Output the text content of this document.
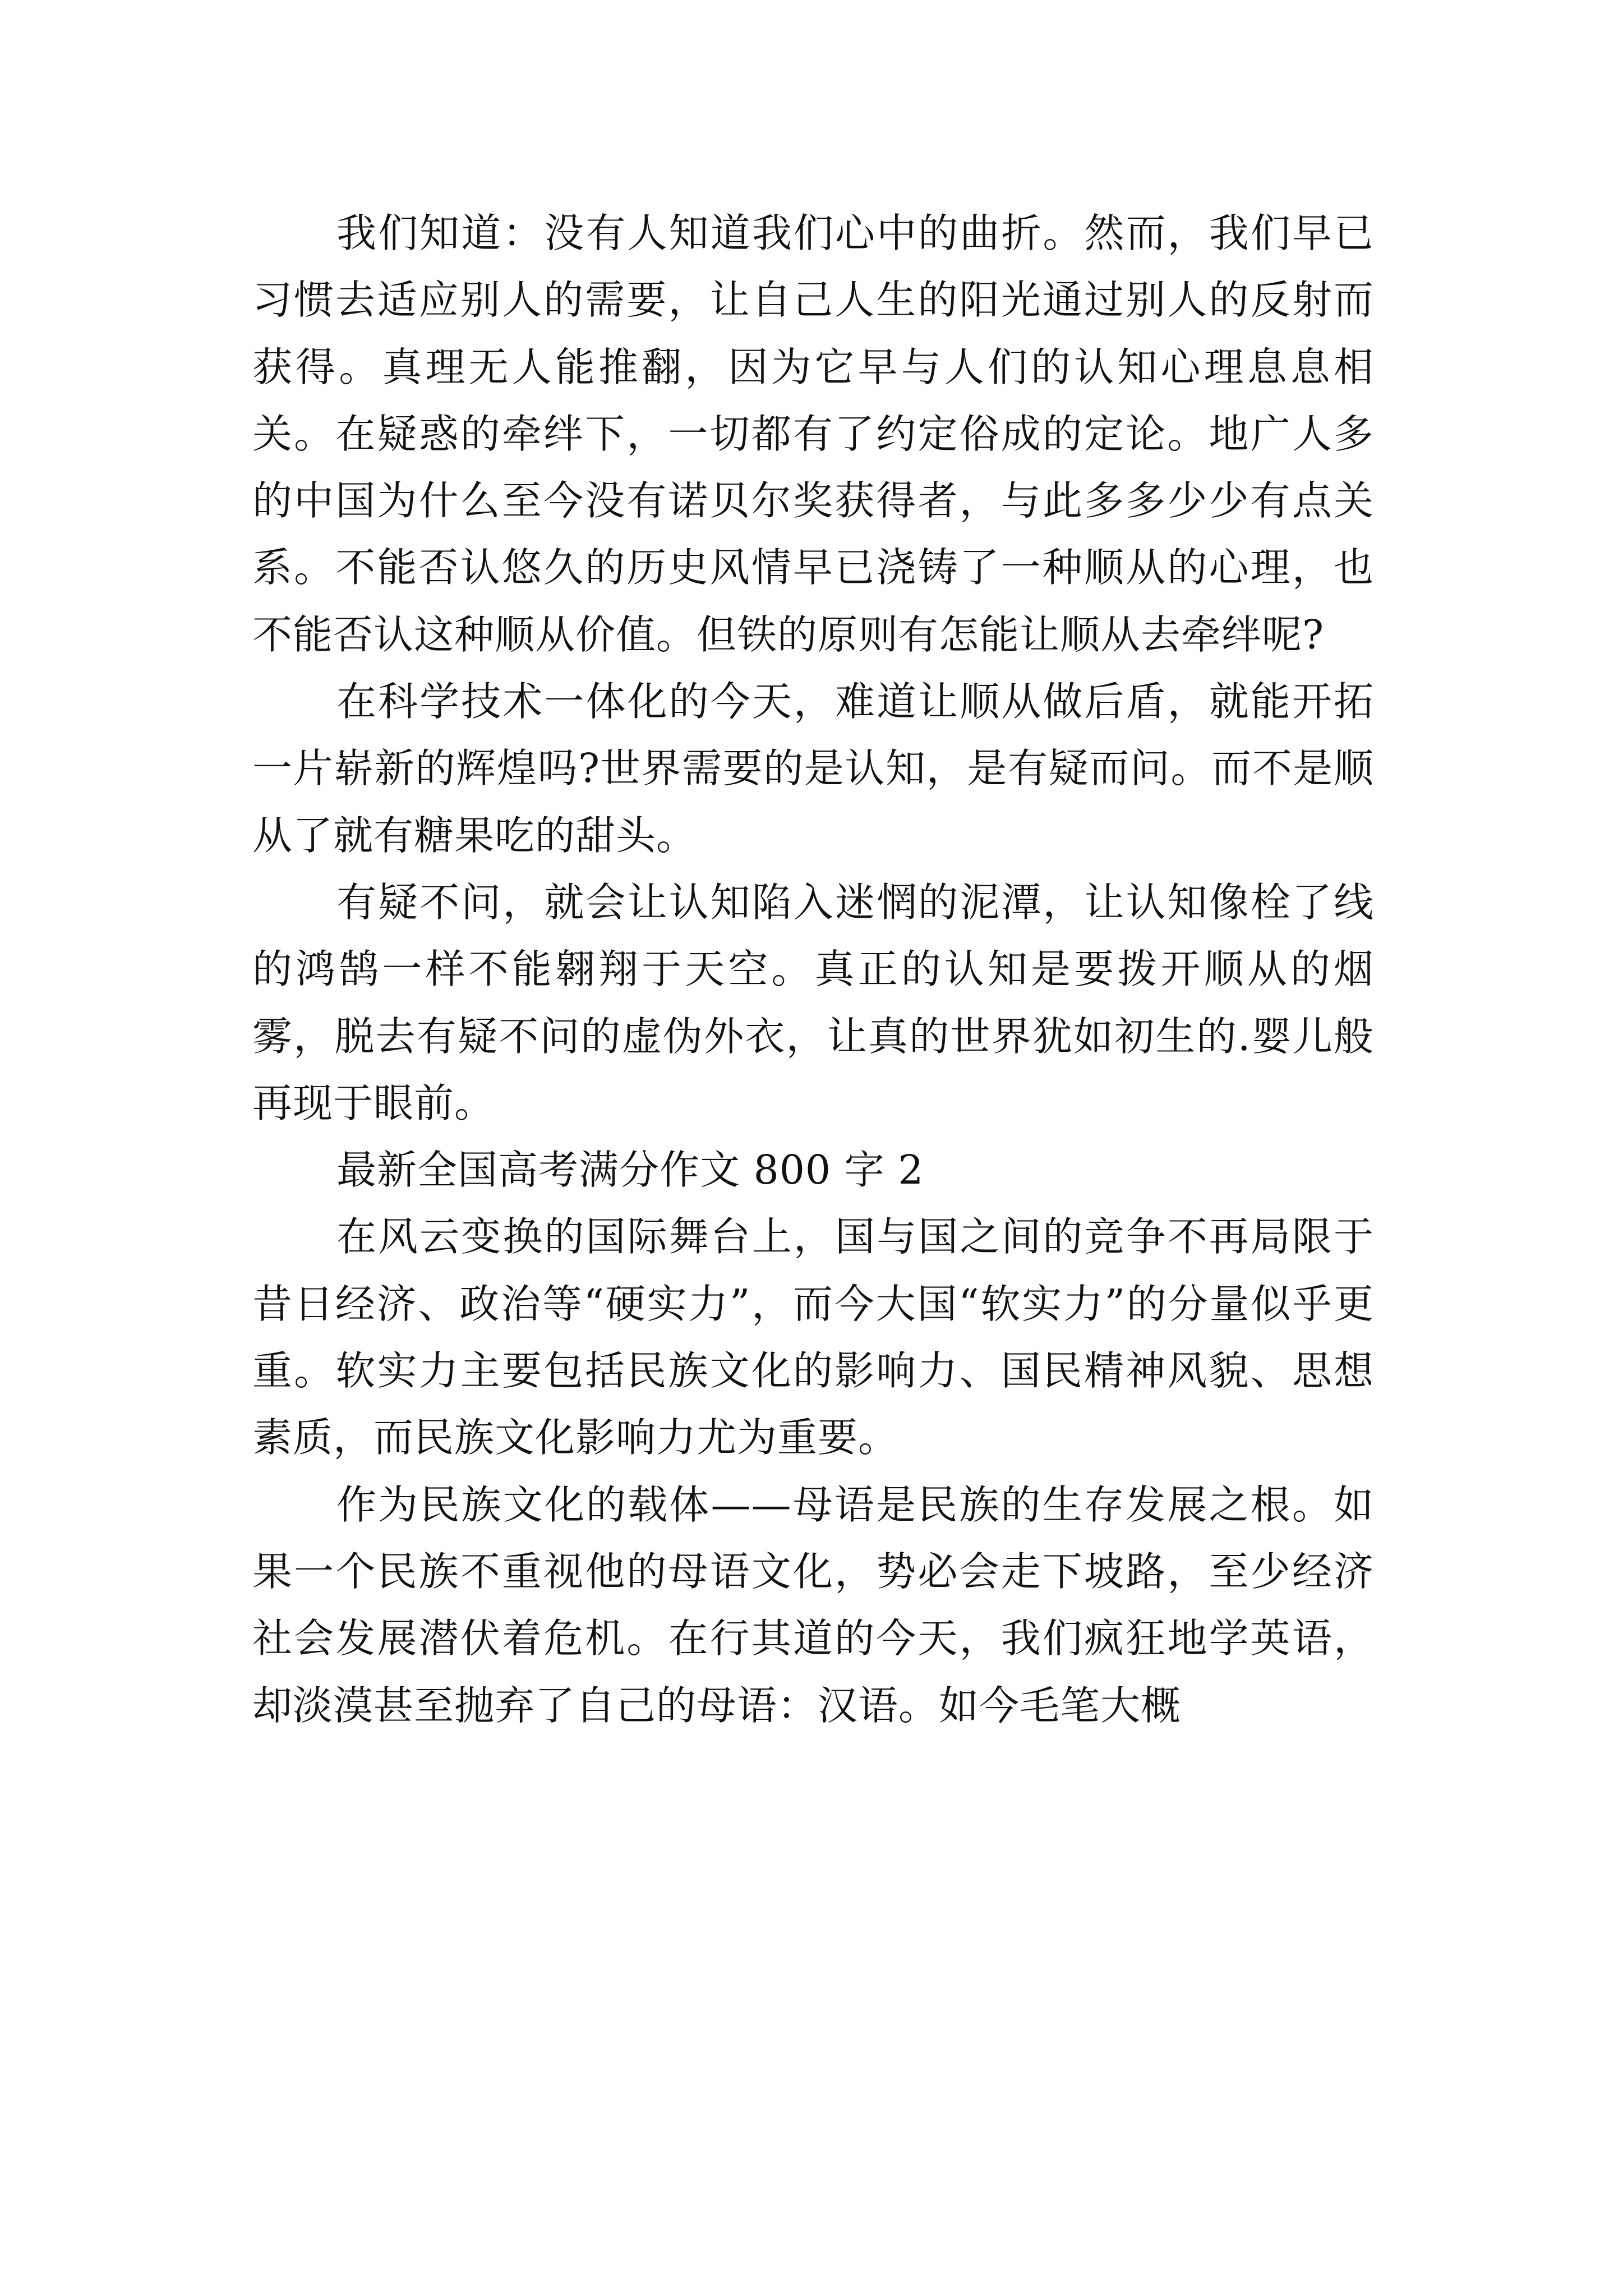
我们知道：没有人知道我们心中的曲折。然而，我们早已习惯去适应别人的需要，让自己人生的阳光通过别人的反射而获得。真理无人能推翻，因为它早与人们的认知心理息息相关。在疑惑的牵绊下，一切都有了约定俗成的定论。地广人多的中国为什么至今没有诺贝尔奖获得者，与此多多少少有点关系。不能否认悠久的历史风情早已浇铸了一种顺从的心理，也不能否认这种顺从价值。但铁的原则有怎能让顺从去牵绊呢?

在科学技术一体化的今天，难道让顺从做后盾，就能开拓一片崭新的辉煌吗?世界需要的是认知，是有疑而问。而不是顺从了就有糖果吃的甜头。

有疑不问，就会让认知陷入迷惘的泥潭，让认知像栓了线的鸿鹄一样不能翱翔于天空。真正的认知是要拨开顺从的烟雾，脱去有疑不问的虚伪外衣，让真的世界犹如初生的.婴儿般再现于眼前。

最新全国高考满分作文 800 字 2

在风云变换的国际舞台上，国与国之间的竞争不再局限于昔日经济、政治等“硬实力”，而今大国“软实力”的分量似乎更重。软实力主要包括民族文化的影响力、国民精神风貌、思想素质，而民族文化影响力尤为重要。

作为民族文化的载体——母语是民族的生存发展之根。如果一个民族不重视他的母语文化，势必会走下坡路，至少经济社会发展潜伏着危机。在行其道的今天，我们疯狂地学英语，却淡漠甚至抛弃了自己的母语：汉语。如今毛笔大概
